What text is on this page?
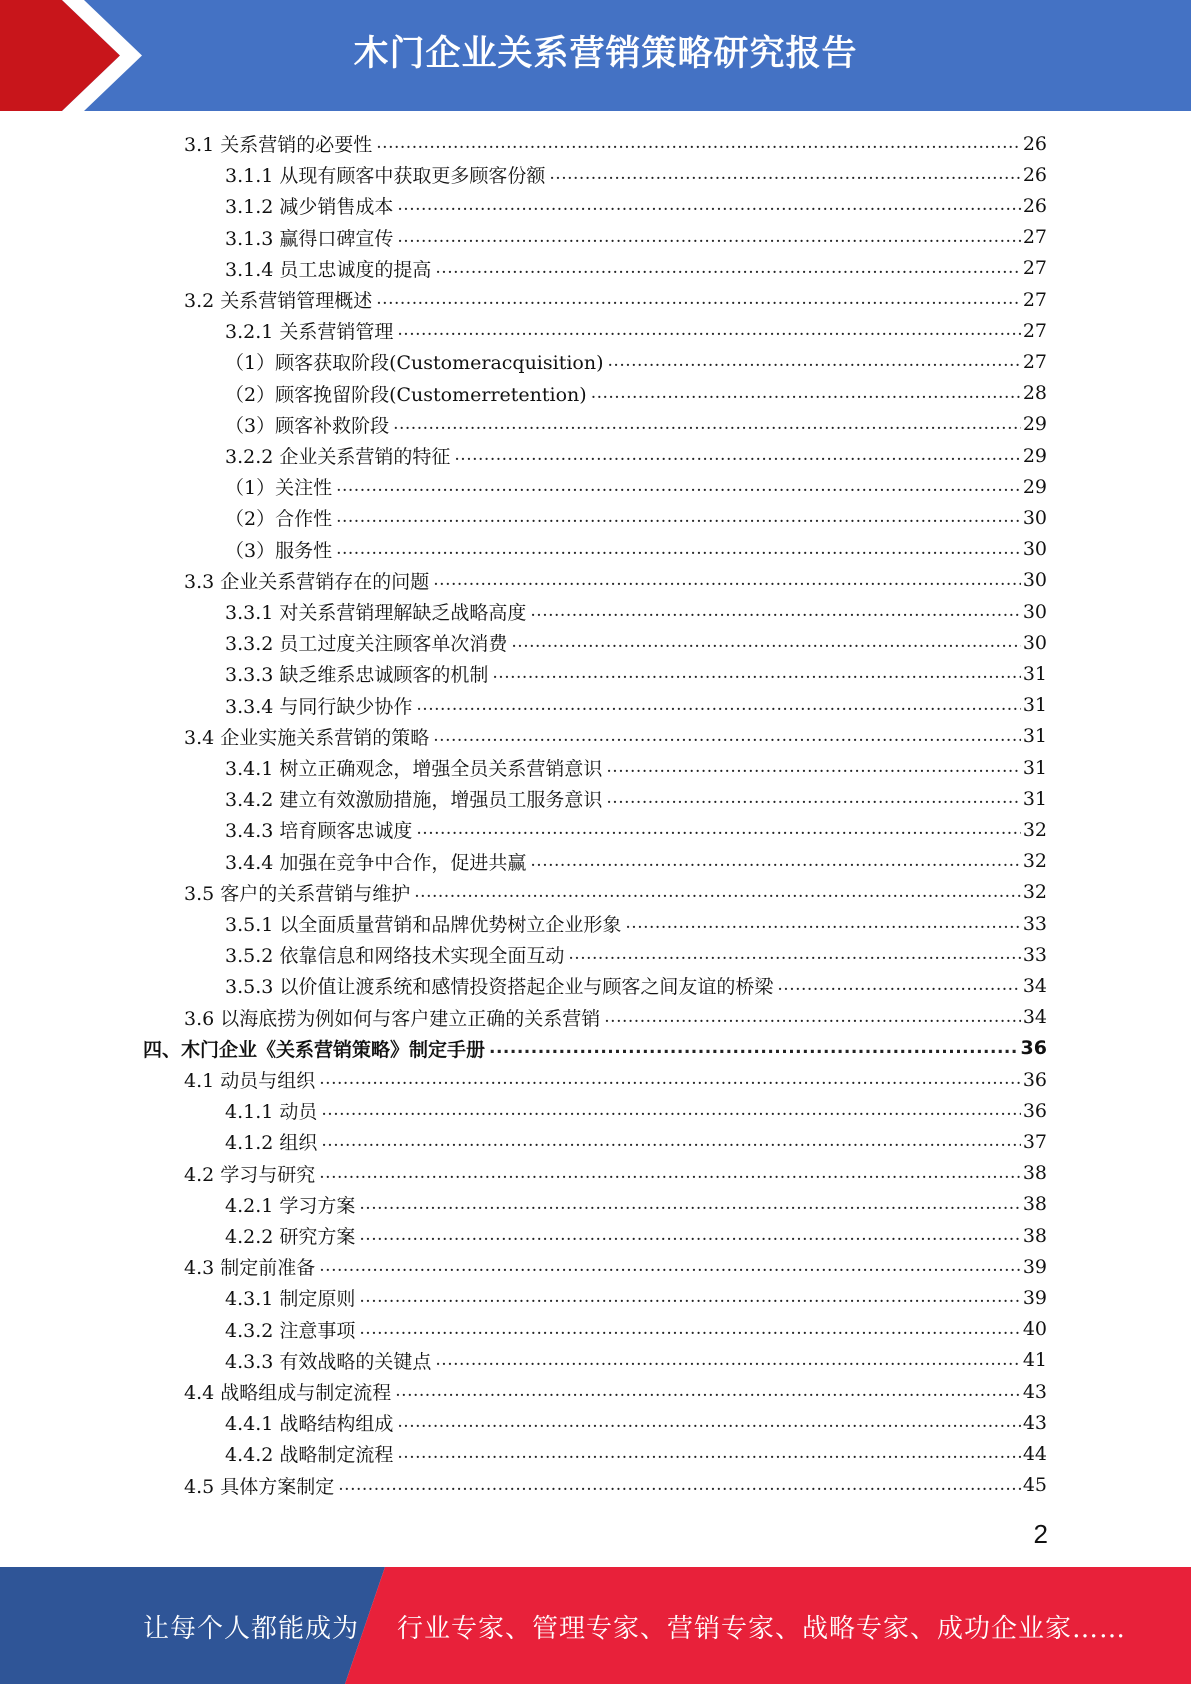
木门企业关系营销策略研究报告
3.1 关系营销的必要性 .....	26
3.1.1 从现有顾客中获取更多顾客份额 .....	26
3.1.2 减少销售成本 .....	26
3.1.3 赢得口碑宣传 .....	27
3.1.4 员工忠诚度的提高 .....	27
3.2 关系营销管理概述 .....	27
3.2.1 关系营销管理 .....	27
（1）顾客获取阶段(Customeracquisition) .....	27
（2）顾客挽留阶段(Customerretention) .....	28
（3）顾客补救阶段 .....	29
3.2.2 企业关系营销的特征 .....	29
（1）关注性 .....	29
（2）合作性 .....	30
（3）服务性 .....	30
3.3 企业关系营销存在的问题 .....	30
3.3.1 对关系营销理解缺乏战略高度 .....	30
3.3.2 员工过度关注顾客单次消费 .....	30
3.3.3 缺乏维系忠诚顾客的机制 .....	31
3.3.4 与同行缺少协作 .....	31
3.4 企业实施关系营销的策略 .....	31
3.4.1 树立正确观念，增强全员关系营销意识 .....	31
3.4.2 建立有效激励措施，增强员工服务意识 .....	31
3.4.3 培育顾客忠诚度 .....	32
3.4.4 加强在竞争中合作，促进共赢 .....	32
3.5 客户的关系营销与维护 .....	32
3.5.1 以全面质量营销和品牌优势树立企业形象 .....	33
3.5.2 依靠信息和网络技术实现全面互动 .....	33
3.5.3 以价值让渡系统和感情投资搭起企业与顾客之间友谊的桥梁 .....	34
3.6 以海底捞为例如何与客户建立正确的关系营销 .....	34
四、木门企业《关系营销策略》制定手册 .....	36
4.1 动员与组织 .....	36
4.1.1 动员 .....	36
4.1.2 组织 .....	37
4.2 学习与研究 .....	38
4.2.1 学习方案 .....	38
4.2.2 研究方案 .....	38
4.3 制定前准备 .....	39
4.3.1 制定原则 .....	39
4.3.2 注意事项 .....	40
4.3.3 有效战略的关键点 .....	41
4.4 战略组成与制定流程 .....	43
4.4.1 战略结构组成 .....	43
4.4.2 战略制定流程 .....	44
4.5 具体方案制定 .....	45
2
让每个人都能成为 行业专家、管理专家、营销专家、战略专家、成功企业家……
